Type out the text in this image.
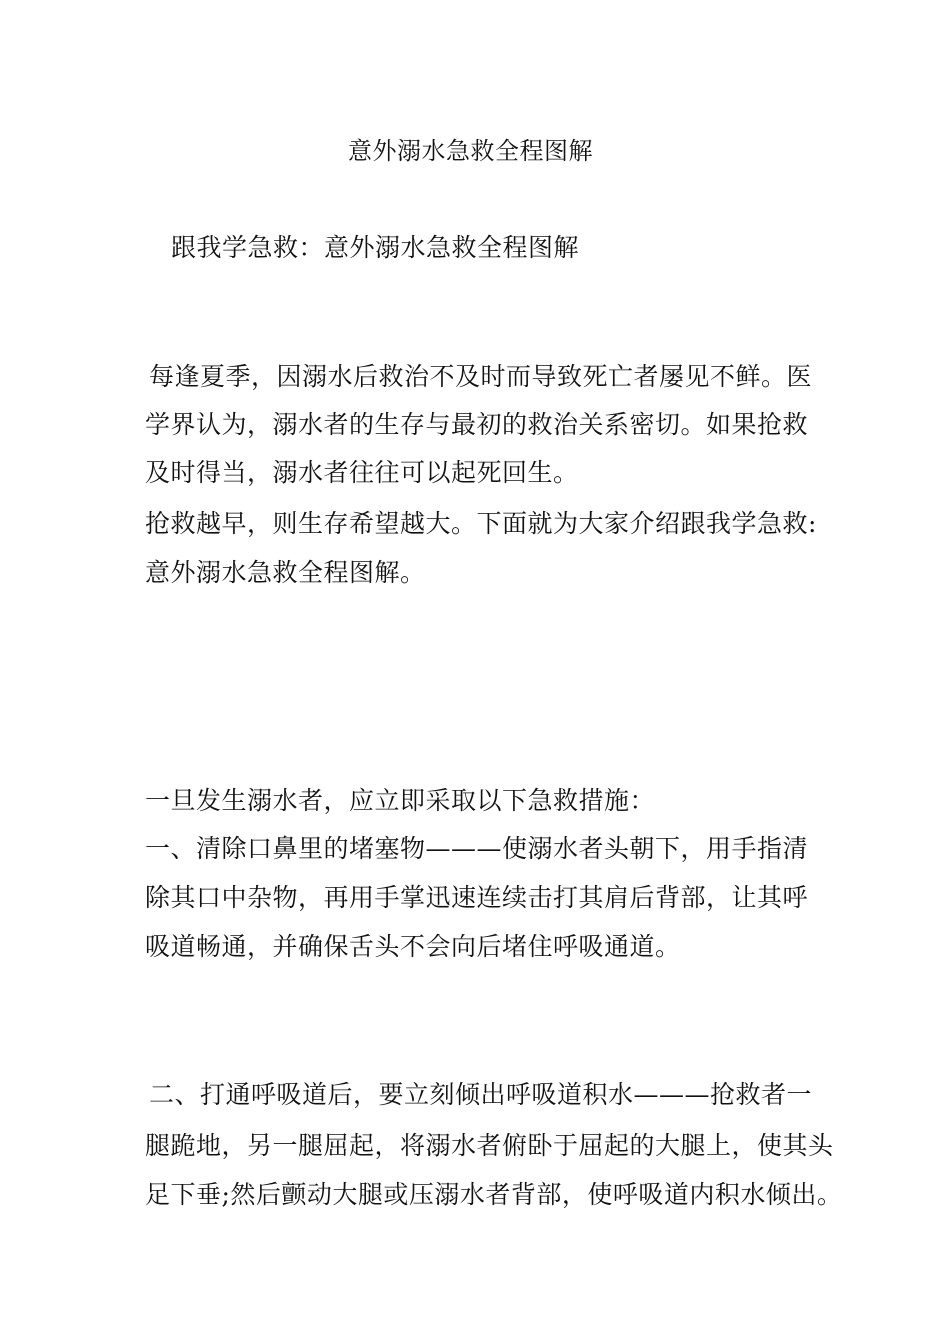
意外溺水急救全程图解
跟我学急救：意外溺水急救全程图解
每逢夏季，因溺水后救治不及时而导致死亡者屡见不鲜。医
学界认为，溺水者的生存与最初的救治关系密切。如果抢救
及时得当，溺水者往往可以起死回生。
抢救越早，则生存希望越大。下面就为大家介绍跟我学急救:
意外溺水急救全程图解。
一旦发生溺水者，应立即采取以下急救措施：
一、清除口鼻里的堵塞物———使溺水者头朝下，用手指清
除其口中杂物，再用手掌迅速连续击打其肩后背部，让其呼
吸道畅通，并确保舌头不会向后堵住呼吸通道。
二、打通呼吸道后，要立刻倾出呼吸道积水———抢救者一
腿跪地，另一腿屈起，将溺水者俯卧于屈起的大腿上，使其头
足下垂;然后颤动大腿或压溺水者背部，使呼吸道内积水倾出。
